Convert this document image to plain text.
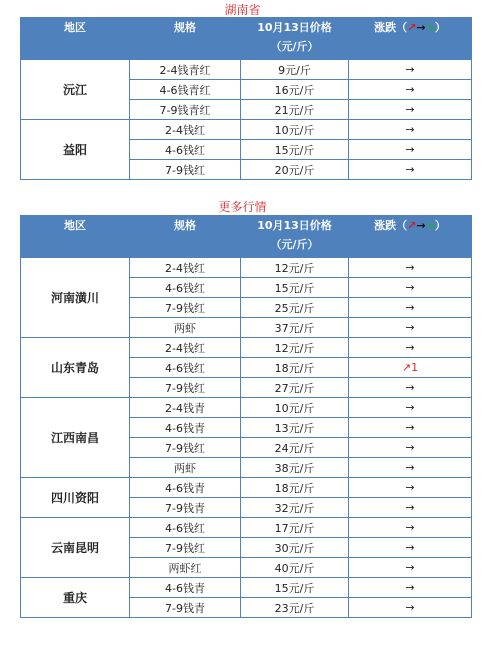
湖南省
地区	规格	10月13日价格
（元/斤）	涨跌（↗→↘）
沅江	2-4钱青红	9元/斤	→
	4-6钱青红	16元/斤	→
	7-9钱青红	21元/斤	→
益阳	2-4钱红	10元/斤	→
	4-6钱红	15元/斤	→
	7-9钱红	20元/斤	→
更多行情
地区	规格	10月13日价格
（元/斤）	涨跌（↗→↘）
河南潢川	2-4钱红	12元/斤	→
	4-6钱红	15元/斤	→
	7-9钱红	25元/斤	→
	两虾	37元/斤	→
山东青岛	2-4钱红	12元/斤	→
	4-6钱红	18元/斤	↗1
	7-9钱红	27元/斤	→
江西南昌	2-4钱青	10元/斤	→
	4-6钱青	13元/斤	→
	7-9钱红	24元/斤	→
	两虾	38元/斤	→
四川资阳	4-6钱青	18元/斤	→
	7-9钱青	32元/斤	→
云南昆明	4-6钱红	17元/斤	→
	7-9钱红	30元/斤	→
	两虾红	40元/斤	→
重庆	4-6钱青	15元/斤	→
	7-9钱青	23元/斤	→
